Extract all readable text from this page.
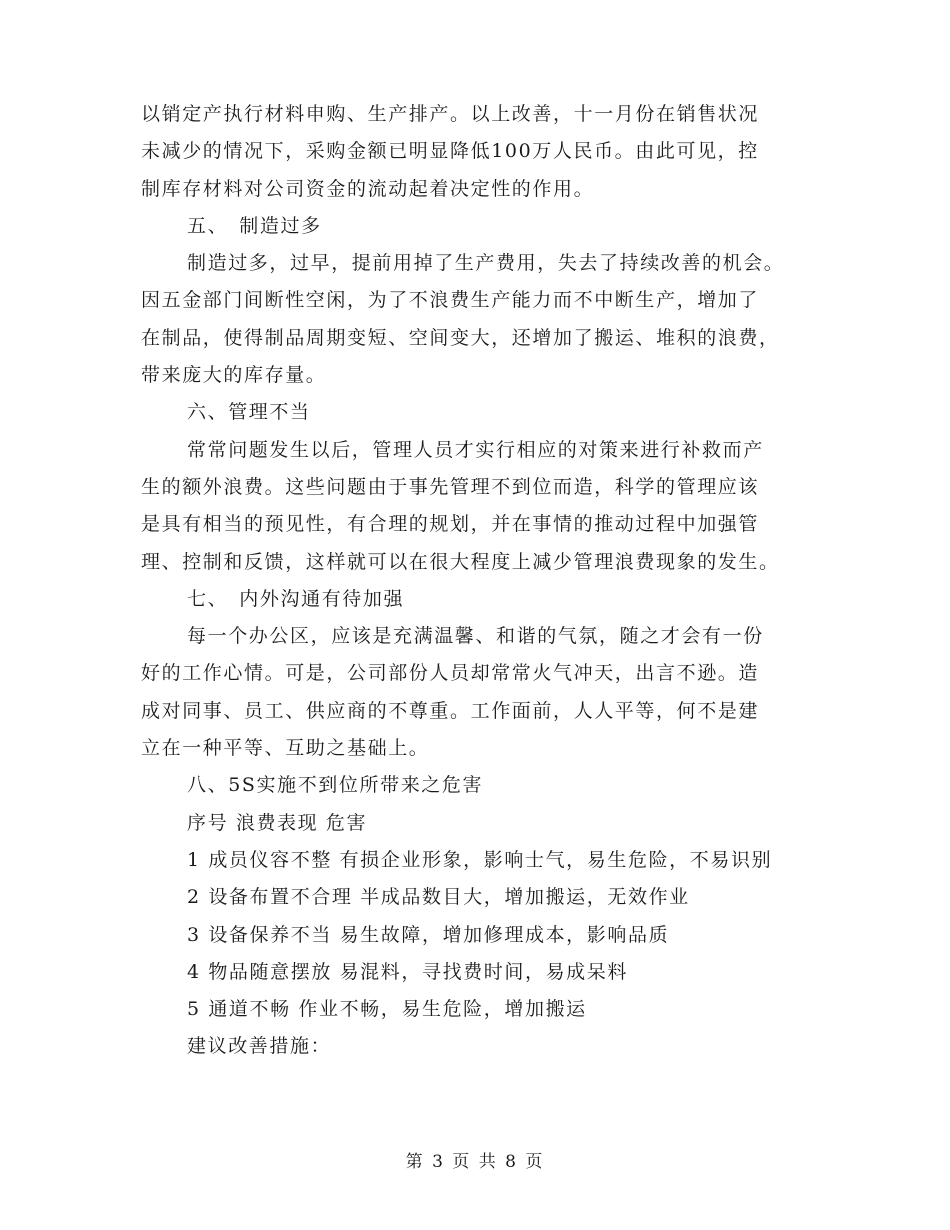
以销定产执行材料申购、生产排产。以上改善，十一月份在销售状况
未减少的情况下，采购金额已明显降低100万人民币。由此可见，控
制库存材料对公司资金的流动起着决定性的作用。
五、　制造过多
制造过多，过早，提前用掉了生产费用，失去了持续改善的机会。
因五金部门间断性空闲，为了不浪费生产能力而不中断生产，增加了
在制品，使得制品周期变短、空间变大，还增加了搬运、堆积的浪费，
带来庞大的库存量。
六、管理不当
常常问题发生以后，管理人员才实行相应的对策来进行补救而产
生的额外浪费。这些问题由于事先管理不到位而造，科学的管理应该
是具有相当的预见性，有合理的规划，并在事情的推动过程中加强管
理、控制和反馈，这样就可以在很大程度上减少管理浪费现象的发生。
七、　内外沟通有待加强
每一个办公区，应该是充满温馨、和谐的气氛，随之才会有一份
好的工作心情。可是，公司部份人员却常常火气冲天，出言不逊。造
成对同事、员工、供应商的不尊重。工作面前，人人平等，何不是建
立在一种平等、互助之基础上。
八、5S实施不到位所带来之危害
序号 浪费表现 危害
1 成员仪容不整 有损企业形象，影响士气，易生危险，不易识别
2 设备布置不合理 半成品数目大，增加搬运，无效作业
3 设备保养不当 易生故障，增加修理成本，影响品质
4 物品随意摆放 易混料，寻找费时间，易成呆料
5 通道不畅 作业不畅，易生危险，增加搬运
建议改善措施：
第 3 页 共 8 页
